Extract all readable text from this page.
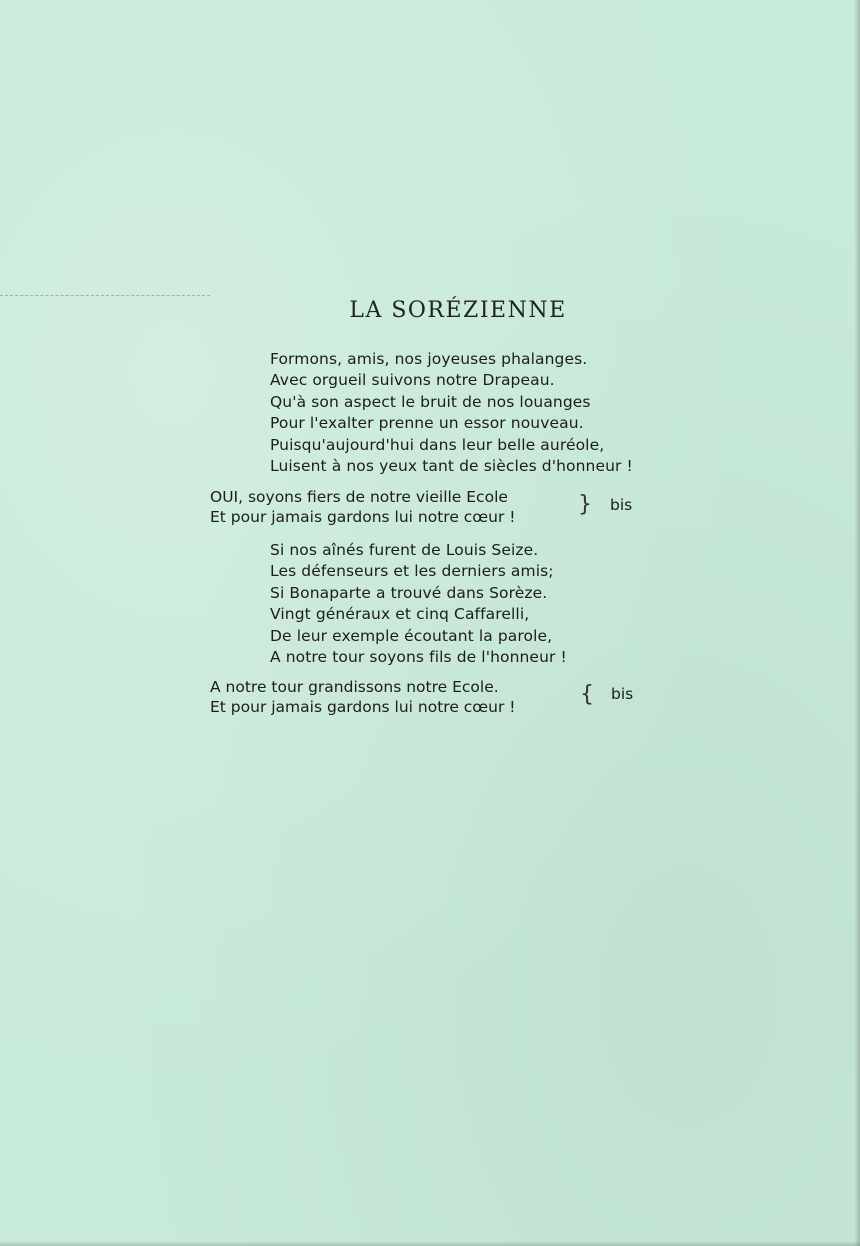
LA SORÉZIENNE
Formons, amis, nos joyeuses phalanges.
Avec orgueil suivons notre Drapeau.
Qu'à son aspect le bruit de nos louanges
Pour l'exalter prenne un essor nouveau.
Puisqu'aujourd'hui dans leur belle auréole,
Luisent à nos yeux tant de siècles d'honneur !
OUI, soyons fiers de notre vieille Ecole
Et pour jamais gardons lui notre cœur !	} bis
Si nos aînés furent de Louis Seize.
Les défenseurs et les derniers amis;
Si Bonaparte a trouvé dans Sorèze.
Vingt généraux et cinq Caffarelli,
De leur exemple écoutant la parole,
A notre tour soyons fils de l'honneur !
A notre tour grandissons notre Ecole.
Et pour jamais gardons lui notre cœur !	{ bis
